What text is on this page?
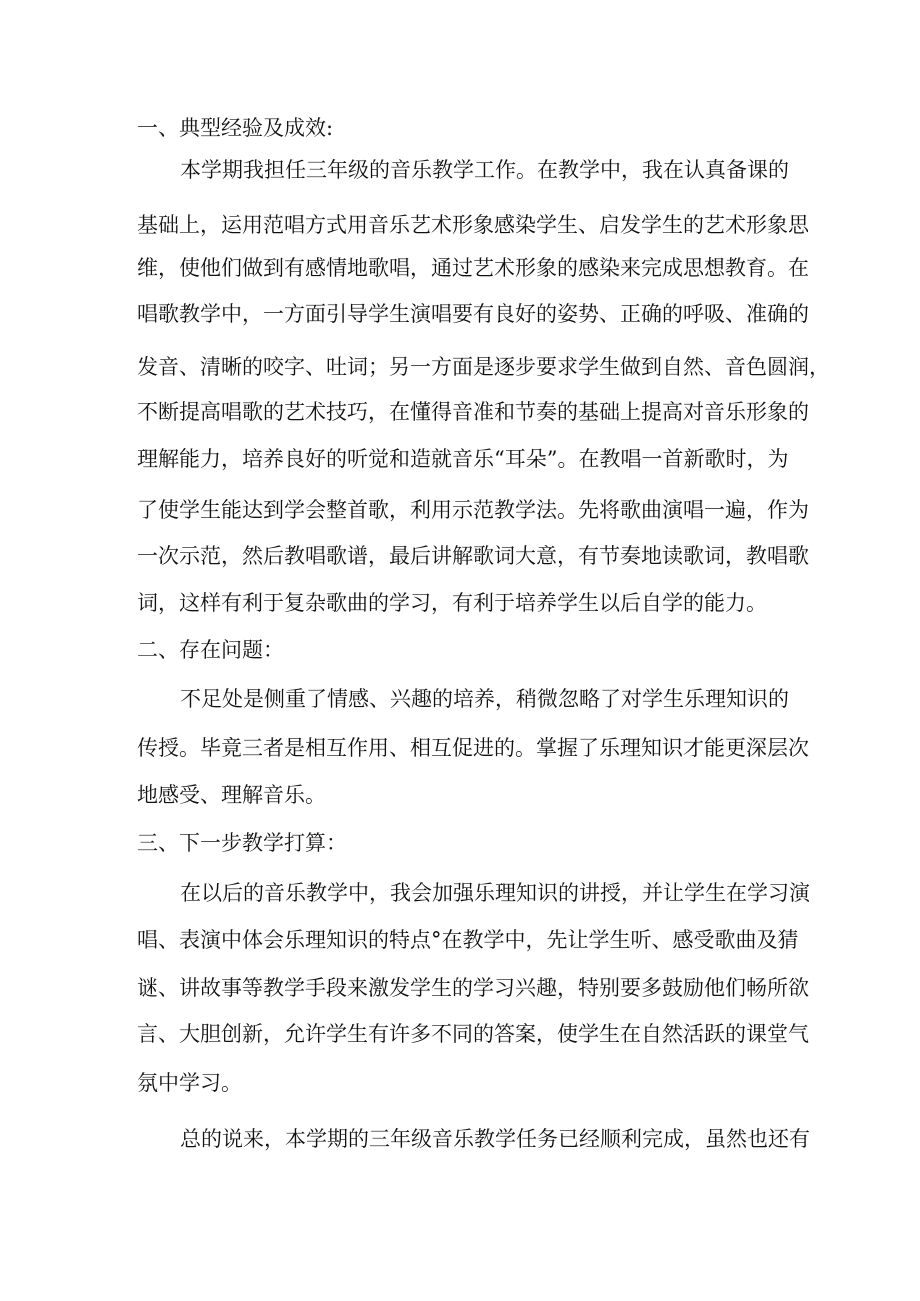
一、典型经验及成效:
本学期我担任三年级的音乐教学工作。在教学中，我在认真备课的
基础上，运用范唱方式用音乐艺术形象感染学生、启发学生的艺术形象思
维，使他们做到有感情地歌唱，通过艺术形象的感染来完成思想教育。在
唱歌教学中，一方面引导学生演唱要有良好的姿势、正确的呼吸、准确的
发音、清晰的咬字、吐词；另一方面是逐步要求学生做到自然、音色圆润，
不断提高唱歌的艺术技巧，在懂得音准和节奏的基础上提高对音乐形象的
理解能力，培养良好的听觉和造就音乐“耳朵”。在教唱一首新歌时，为
了使学生能达到学会整首歌，利用示范教学法。先将歌曲演唱一遍，作为
一次示范，然后教唱歌谱，最后讲解歌词大意，有节奏地读歌词，教唱歌
词，这样有利于复杂歌曲的学习，有利于培养学生以后自学的能力。
二、存在问题：
不足处是侧重了情感、兴趣的培养，稍微忽略了对学生乐理知识的
传授。毕竟三者是相互作用、相互促进的。掌握了乐理知识才能更深层次
地感受、理解音乐。
三、下一步教学打算：
在以后的音乐教学中，我会加强乐理知识的讲授，并让学生在学习演
唱、表演中体会乐理知识的特点°在教学中，先让学生听、感受歌曲及猜
谜、讲故事等教学手段来激发学生的学习兴趣，特别要多鼓励他们畅所欲
言、大胆创新，允许学生有许多不同的答案，使学生在自然活跃的课堂气
氛中学习。
总的说来，本学期的三年级音乐教学任务已经顺利完成，虽然也还有
